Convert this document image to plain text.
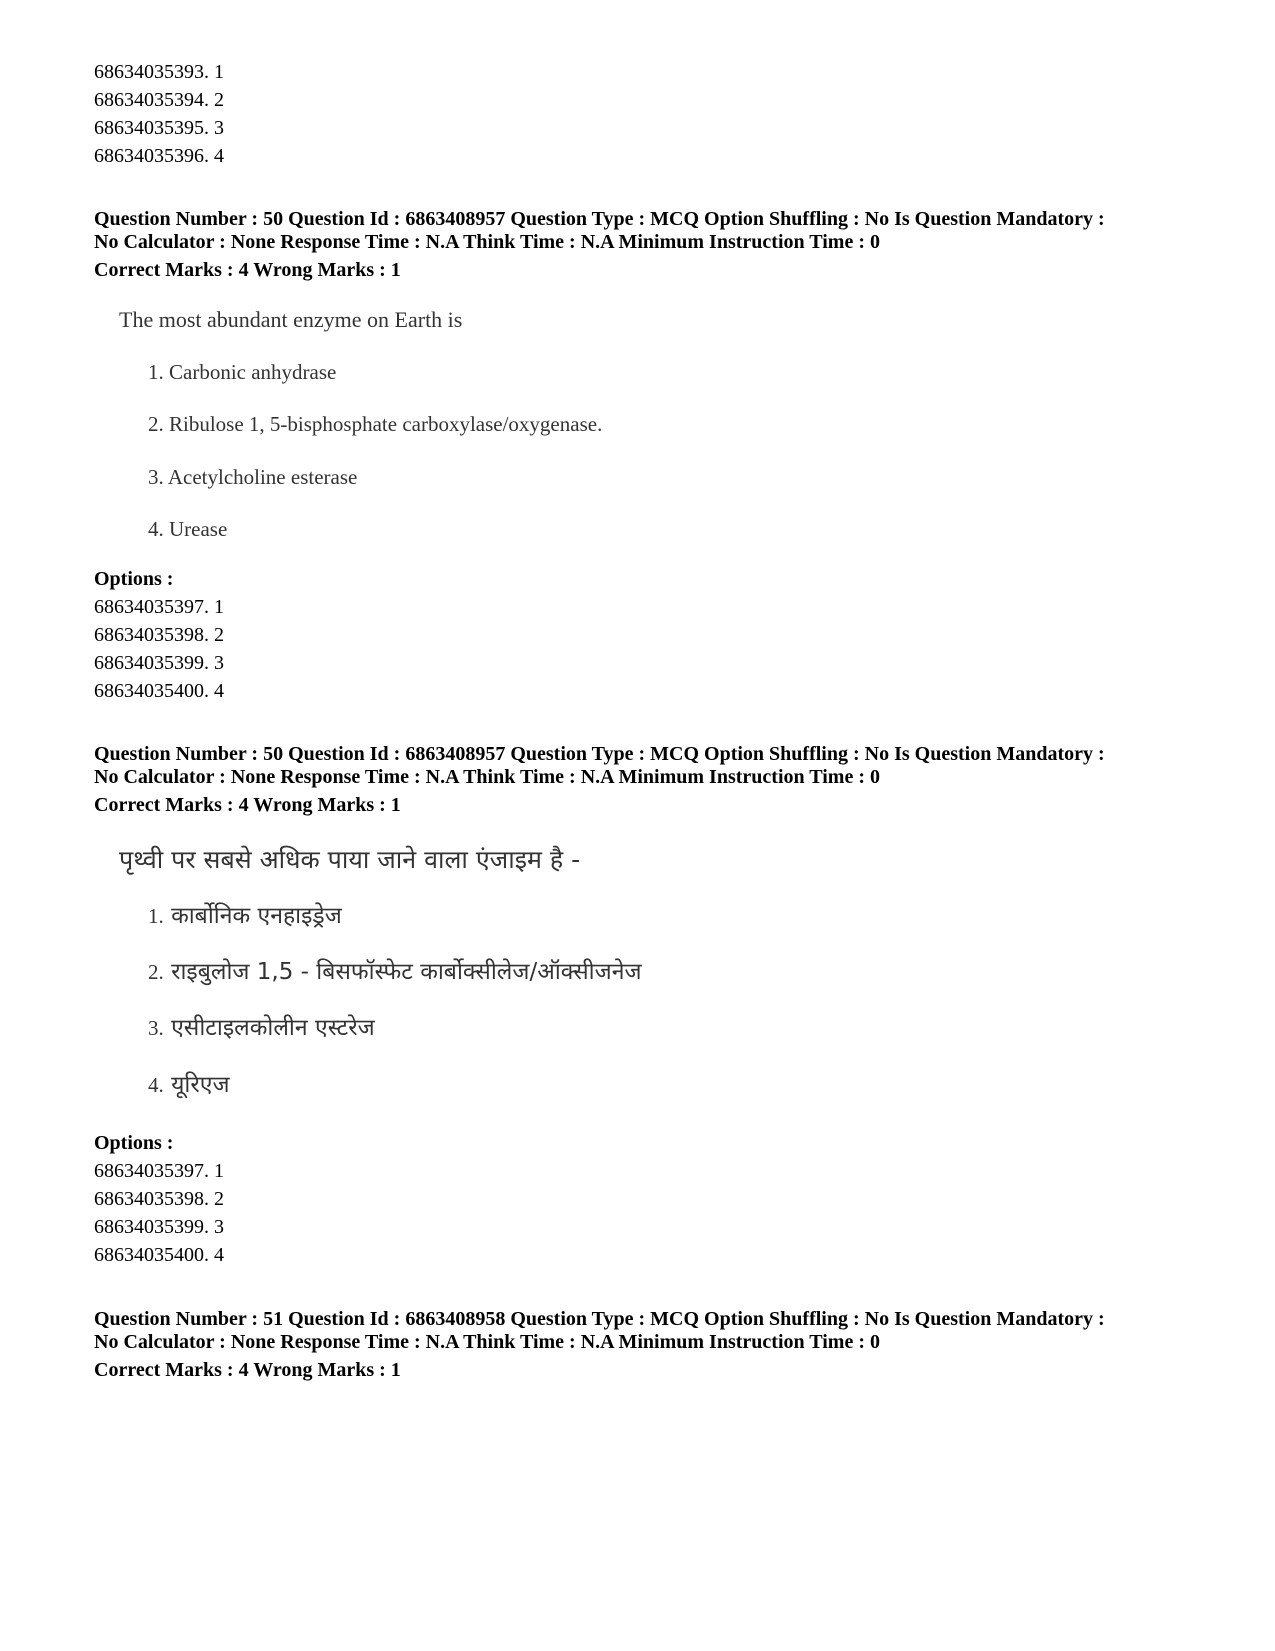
68634035393. 1
68634035394. 2
68634035395. 3
68634035396. 4
Question Number : 50 Question Id : 6863408957 Question Type : MCQ Option Shuffling : No Is Question Mandatory :
No Calculator : None Response Time : N.A Think Time : N.A Minimum Instruction Time : 0
Correct Marks : 4 Wrong Marks : 1
The most abundant enzyme on Earth is
1. Carbonic anhydrase
2. Ribulose 1, 5-bisphosphate carboxylase/oxygenase.
3. Acetylcholine esterase
4. Urease
Options :
68634035397. 1
68634035398. 2
68634035399. 3
68634035400. 4
Question Number : 50 Question Id : 6863408957 Question Type : MCQ Option Shuffling : No Is Question Mandatory :
No Calculator : None Response Time : N.A Think Time : N.A Minimum Instruction Time : 0
Correct Marks : 4 Wrong Marks : 1
पृथ्वी पर सबसे अधिक पाया जाने वाला एंजाइम है -
1. कार्बोनिक एनहाइड्रेज
2. राइबुलोज 1,5 - बिसफॉस्फेट कार्बोक्सीलेज/ऑक्सीजनेज
3. एसीटाइलकोलीन एस्टरेज
4. यूरिएज
Options :
68634035397. 1
68634035398. 2
68634035399. 3
68634035400. 4
Question Number : 51 Question Id : 6863408958 Question Type : MCQ Option Shuffling : No Is Question Mandatory :
No Calculator : None Response Time : N.A Think Time : N.A Minimum Instruction Time : 0
Correct Marks : 4 Wrong Marks : 1
